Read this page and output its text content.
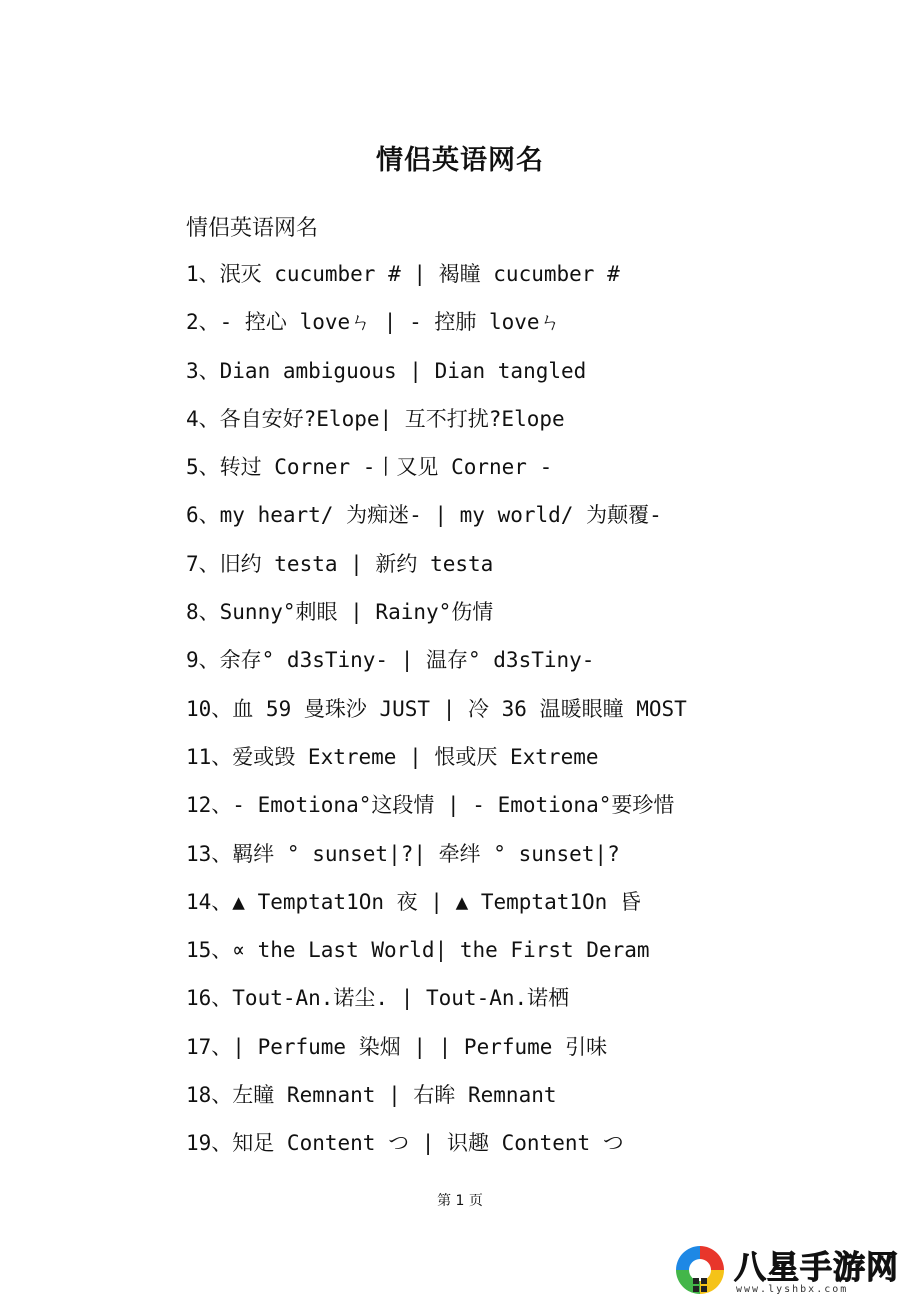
情侣英语网名
情侣英语网名
1、泯灭 cucumber # | 褐瞳 cucumber #
2、- 控心 loveㄣ | - 控肺 loveㄣ
3、Dian ambiguous | Dian tangled
4、各自安好?Elope| 互不打扰?Elope
5、转过 Corner -丨又见 Corner -
6、my heart/ 为痴迷- | my world/ 为颠覆-
7、旧约 testa | 新约 testa
8、Sunny°刺眼 | Rainy°伤情
9、余存° d3sTiny- | 温存° d3sTiny-
10、血 59 曼珠沙 JUST | 冷 36 温暖眼瞳 MOST
11、爱或毁 Extreme | 恨或厌 Extreme
12、- Emotiona°这段情 | - Emotiona°要珍惜
13、羁绊 ° sunset|?| 牵绊 ° sunset|?
14、▲ Temptat1On 夜 | ▲ Temptat1On 昏
15、∝ the Last World| the First Deram
16、Tout-An.诺尘. | Tout-An.诺栖
17、| Perfume 染烟 | | Perfume 引味
18、左瞳 Remnant | 右眸 Remnant
19、知足 Content つ | 识趣 Content つ
第 1 页
八星手游网
www.lyshbx.com
